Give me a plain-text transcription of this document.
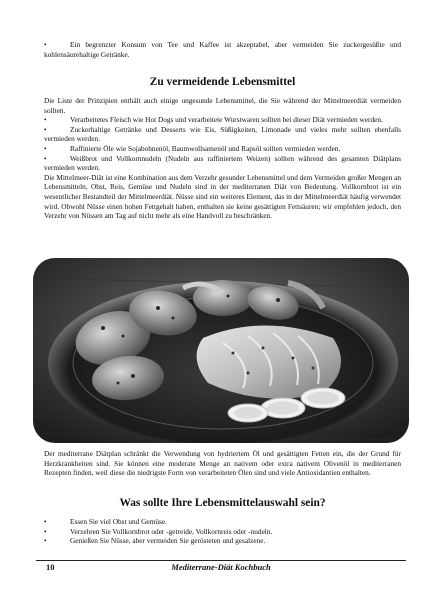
•	Ein begrenzter Konsum von Tee und Kaffee ist akzeptabel, aber vermeiden Sie zuckergesüßte und kohlensäurehaltige Getränke.

Zu vermeidende Lebensmittel

Die Liste der Prinzipien enthält auch einige ungesunde Lebensmittel, die Sie während der Mittelmeerdiät vermeiden sollten.

•	Verarbeitetes Fleisch wie Hot Dogs und verarbeitete Wurstwaren sollten bei dieser Diät vermieden werden.

•	Zuckerhaltige Getränke und Desserts wie Eis, Süßigkeiten, Limonade und vieles mehr sollten ebenfalls vermieden werden.

•	Raffinierte Öle wie Sojabohnenöl, Baumwollsamenöl und Rapsöl sollten vermieden werden.

•	Weißbrot und Vollkornnudeln (Nudeln aus raffiniertem Weizen) sollten während des gesamten Diätplans vermieden werden.

Die Mittelmeer-Diät ist eine Kombination aus dem Verzehr gesunder Lebensmittel und dem Vermeiden großer Mengen an Lebensmitteln, Obst, Reis, Gemüse und Nudeln sind in der mediterranen Diät von Bedeutung. Vollkornbrot ist ein wesentlicher Bestandteil der Mittelmeerdiät. Nüsse sind ein weiteres Element, das in der Mittelmeerdiät häufig verwendet wird. Obwohl Nüsse einen hohen Fettgehalt haben, enthalten sie keine gesättigten Fettsäuren; wir empfehlen jedoch, den Verzehr von Nüssen am Tag auf nicht mehr als eine Handvoll zu beschränken.

Der mediterrane Diätplan schränkt die Verwendung von hydriertem Öl und gesättigten Fetten ein, die der Grund für Herzkrankheiten sind. Sie können eine moderate Menge an nativem oder extra nativem Olivenöl in mediterranen Rezepten finden, weil diese die niedrigste Form von verarbeiteten Ölen sind und viele Antioxidantien enthalten.

Was sollte Ihre Lebensmittelauswahl sein?

•	Essen Sie viel Obst und Gemüse.

•	Verzehren Sie Vollkornbrot oder -getreide, Vollkornreis oder -nudeln.

•	Genießen Sie Nüsse, aber vermeiden Sie gerösteten und gesalzene.

10	Mediterrane-Diät Kochbuch
